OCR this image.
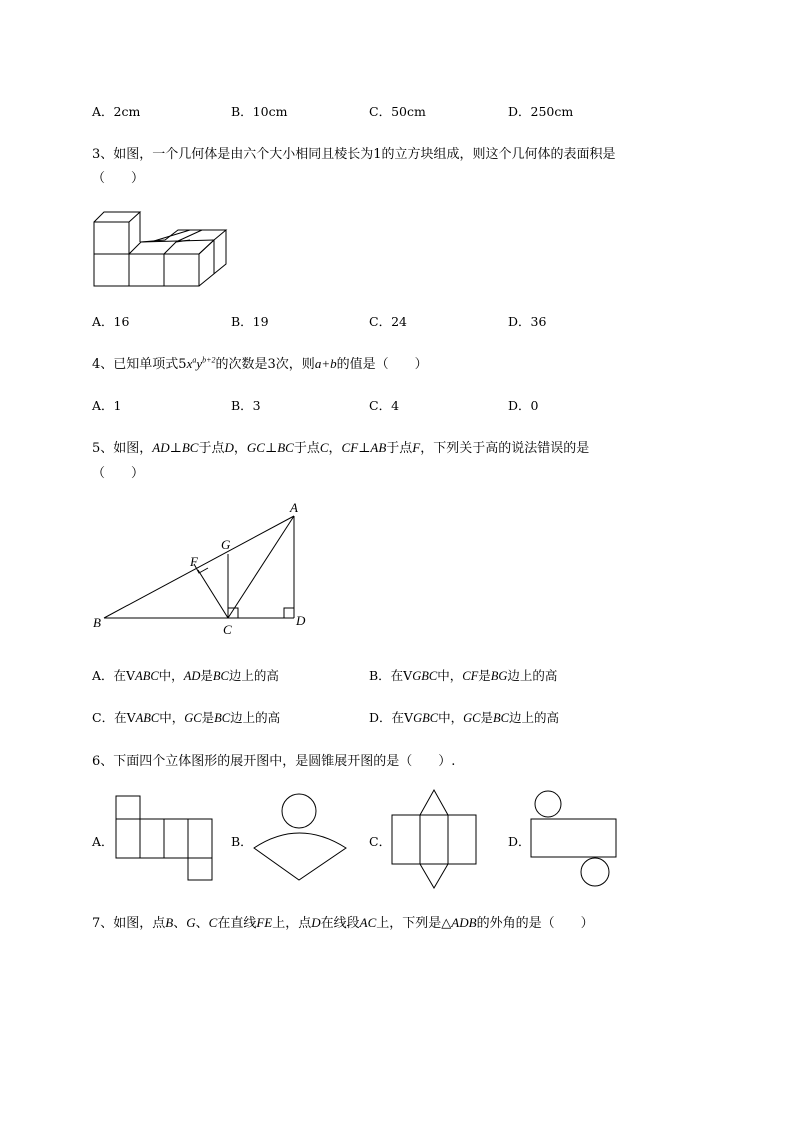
A．2cm	B．10cm	C．50cm	D．250cm
3、如图，一个几何体是由六个大小相同且棱长为1的立方块组成，则这个几何体的表面积是
（　　）
A．16	B．19	C．24	D．36
4、已知单项式$5x^ay^{b+2}$的次数是3次，则a+b的值是（　　）
A．1	B．3	C．4	D．0
5、如图，AD⊥BC于点D，GC⊥BC于点C，CF⊥AB于点F，下列关于高的说法错误的是
（　　）
B
A
D
C
G
F
A．在VABC中，AD是BC边上的高	B．在VGBC中，CF是BG边上的高
C．在VABC中，GC是BC边上的高	D．在VGBC中，GC是BC边上的高
6、下面四个立体图形的展开图中，是圆锥展开图的是（　　）.
A．	B．	C．	D．
7、如图，点B、G、C在直线FE上，点D在线段AC上，下列是△ADB的外角的是（　　）
